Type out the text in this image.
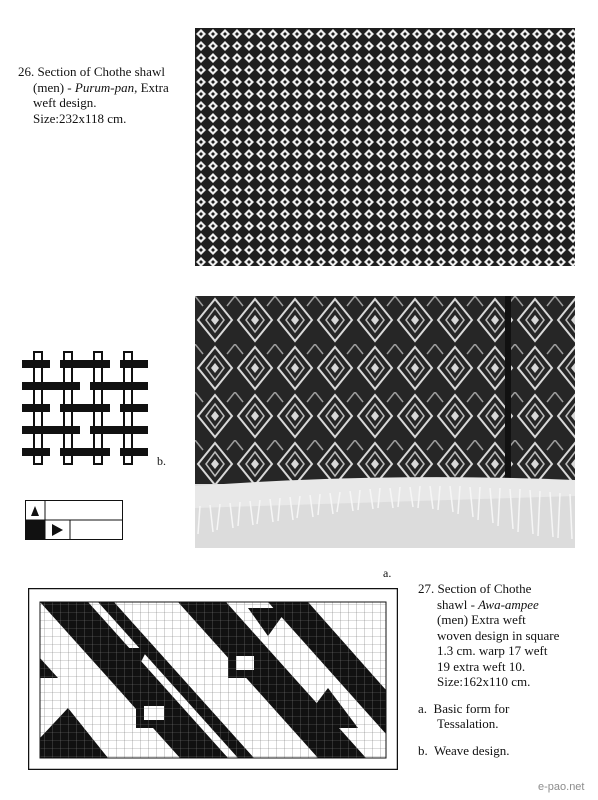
26. Section of Chothe shawl
(men) - Purum-pan, Extra
weft design.
Size:232x118 cm.
b.
a.
27. Section of Chothe
shawl - Awa-ampee
(men) Extra weft
woven design in square
1.3 cm. warp 17 weft
19 extra weft 10.
Size:162x110 cm.
a.  Basic form for
Tessalation.
b.  Weave design.
e-pao.net
